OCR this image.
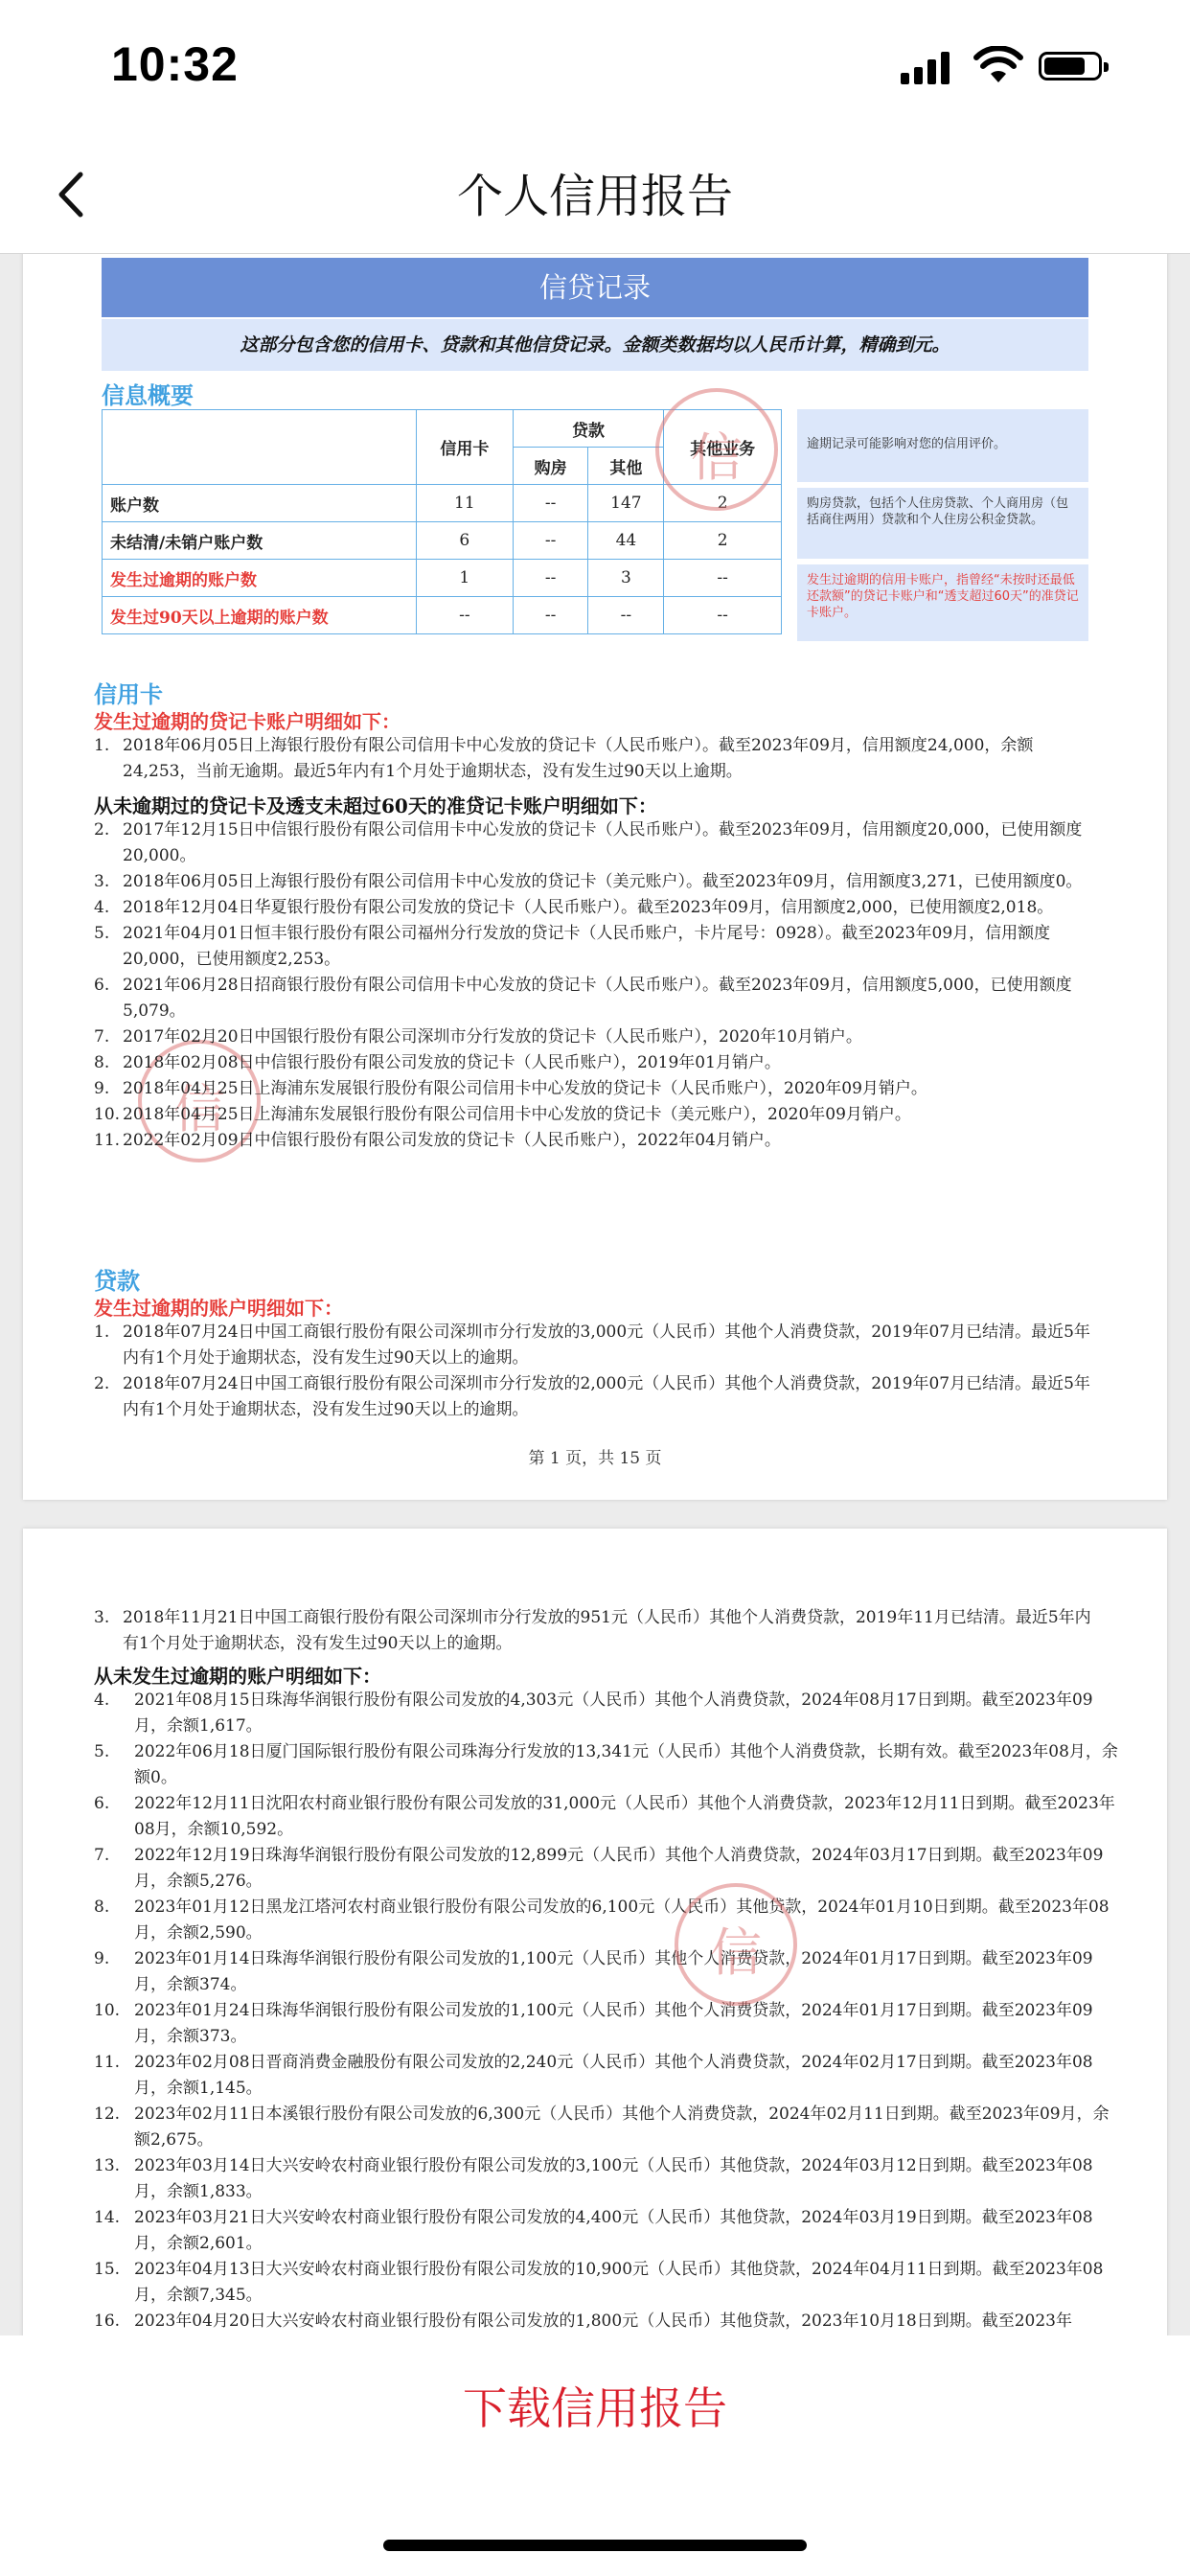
10:32
个人信用报告
信贷记录
这部分包含您的信用卡、贷款和其他信贷记录。金额类数据均以人民币计算，精确到元。
信息概要
	信用卡	贷款		其他业务
		购房	其他	
账户数	11	--	147	2
未结清/未销户账户数	6	--	44	2
发生过逾期的账户数	1	--	3	--
发生过90天以上逾期的账户数	--	--	--	--
逾期记录可能影响对您的信用评价。
购房贷款，包括个人住房贷款、个人商用房（包括商住两用）贷款和个人住房公积金贷款。
发生过逾期的信用卡账户，指曾经“未按时还最低还款额”的贷记卡账户和“透支超过60天”的准贷记卡账户。
信
信
信用卡
发生过逾期的贷记卡账户明细如下：
1. 2018年06月05日上海银行股份有限公司信用卡中心发放的贷记卡（人民币账户）。截至2023年09月，信用额度24,000，余额24,253，当前无逾期。最近5年内有1个月处于逾期状态，没有发生过90天以上逾期。
从未逾期过的贷记卡及透支未超过60天的准贷记卡账户明细如下：
2. 2017年12月15日中信银行股份有限公司信用卡中心发放的贷记卡（人民币账户）。截至2023年09月，信用额度20,000，已使用额度20,000。
3. 2018年06月05日上海银行股份有限公司信用卡中心发放的贷记卡（美元账户）。截至2023年09月，信用额度3,271，已使用额度0。
4. 2018年12月04日华夏银行股份有限公司发放的贷记卡（人民币账户）。截至2023年09月，信用额度2,000，已使用额度2,018。
5. 2021年04月01日恒丰银行股份有限公司福州分行发放的贷记卡（人民币账户，卡片尾号：0928）。截至2023年09月，信用额度20,000，已使用额度2,253。
6. 2021年06月28日招商银行股份有限公司信用卡中心发放的贷记卡（人民币账户）。截至2023年09月，信用额度5,000，已使用额度5,079。
7. 2017年02月20日中国银行股份有限公司深圳市分行发放的贷记卡（人民币账户），2020年10月销户。
8. 2018年02月08日中信银行股份有限公司发放的贷记卡（人民币账户），2019年01月销户。
9. 2018年04月25日上海浦东发展银行股份有限公司信用卡中心发放的贷记卡（人民币账户），2020年09月销户。
10. 2018年04月25日上海浦东发展银行股份有限公司信用卡中心发放的贷记卡（美元账户），2020年09月销户。
11. 2022年02月09日中信银行股份有限公司发放的贷记卡（人民币账户），2022年04月销户。
贷款
发生过逾期的账户明细如下：
1. 2018年07月24日中国工商银行股份有限公司深圳市分行发放的3,000元（人民币）其他个人消费贷款，2019年07月已结清。最近5年内有1个月处于逾期状态，没有发生过90天以上的逾期。
2. 2018年07月24日中国工商银行股份有限公司深圳市分行发放的2,000元（人民币）其他个人消费贷款，2019年07月已结清。最近5年内有1个月处于逾期状态，没有发生过90天以上的逾期。
第 1 页，共 15 页
3. 2018年11月21日中国工商银行股份有限公司深圳市分行发放的951元（人民币）其他个人消费贷款，2019年11月已结清。最近5年内有1个月处于逾期状态，没有发生过90天以上的逾期。
从未发生过逾期的账户明细如下：
4. 2021年08月15日珠海华润银行股份有限公司发放的4,303元（人民币）其他个人消费贷款，2024年08月17日到期。截至2023年09月，余额1,617。
5. 2022年06月18日厦门国际银行股份有限公司珠海分行发放的13,341元（人民币）其他个人消费贷款，长期有效。截至2023年08月，余额0。
6. 2022年12月11日沈阳农村商业银行股份有限公司发放的31,000元（人民币）其他个人消费贷款，2023年12月11日到期。截至2023年08月，余额10,592。
7. 2022年12月19日珠海华润银行股份有限公司发放的12,899元（人民币）其他个人消费贷款，2024年03月17日到期。截至2023年09月，余额5,276。
8. 2023年01月12日黑龙江塔河农村商业银行股份有限公司发放的6,100元（人民币）其他贷款，2024年01月10日到期。截至2023年08月，余额2,590。
9. 2023年01月14日珠海华润银行股份有限公司发放的1,100元（人民币）其他个人消费贷款，2024年01月17日到期。截至2023年09月，余额374。
10. 2023年01月24日珠海华润银行股份有限公司发放的1,100元（人民币）其他个人消费贷款，2024年01月17日到期。截至2023年09月，余额373。
11. 2023年02月08日晋商消费金融股份有限公司发放的2,240元（人民币）其他个人消费贷款，2024年02月17日到期。截至2023年08月，余额1,145。
12. 2023年02月11日本溪银行股份有限公司发放的6,300元（人民币）其他个人消费贷款，2024年02月11日到期。截至2023年09月，余额2,675。
13. 2023年03月14日大兴安岭农村商业银行股份有限公司发放的3,100元（人民币）其他贷款，2024年03月12日到期。截至2023年08月，余额1,833。
14. 2023年03月21日大兴安岭农村商业银行股份有限公司发放的4,400元（人民币）其他贷款，2024年03月19日到期。截至2023年08月，余额2,601。
15. 2023年04月13日大兴安岭农村商业银行股份有限公司发放的10,900元（人民币）其他贷款，2024年04月11日到期。截至2023年08月，余额7,345。
16. 2023年04月20日大兴安岭农村商业银行股份有限公司发放的1,800元（人民币）其他贷款，2023年10月18日到期。截至2023年
信
下载信用报告
